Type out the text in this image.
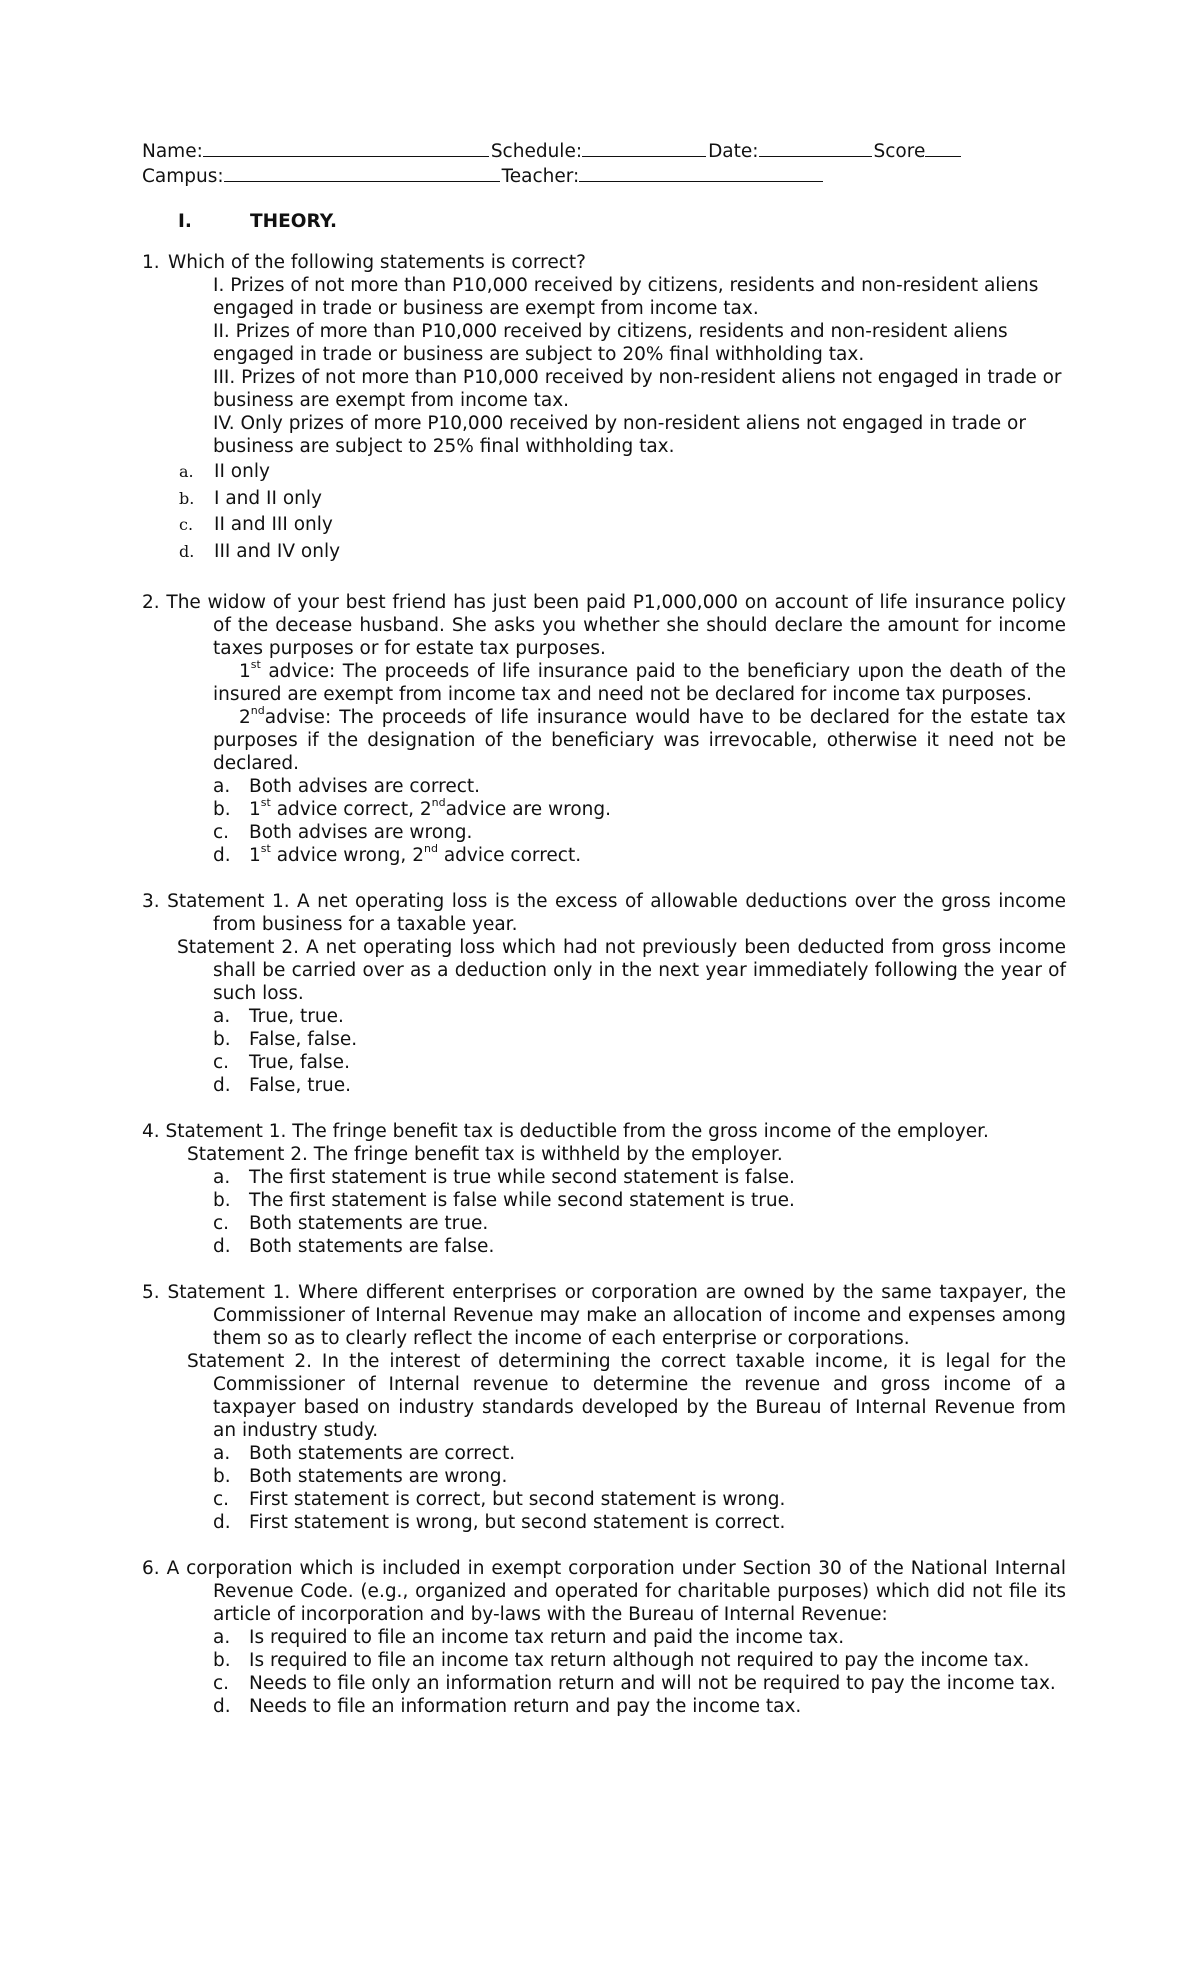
Name:	Schedule:	Date:	Score
Campus:	Teacher:
I.	THEORY.
1. Which of the following statements is correct?
I. Prizes of not more than P10,000 received by citizens, residents and non-resident aliens engaged in trade or business are exempt from income tax.
II. Prizes of more than P10,000 received by citizens, residents and non-resident aliens engaged in trade or business are subject to 20% final withholding tax.
III. Prizes of not more than P10,000 received by non-resident aliens not engaged in trade or business are exempt from income tax.
IV. Only prizes of more P10,000 received by non-resident aliens not engaged in trade or business are subject to 25% final withholding tax.
a.	II only
b.	I and II only
c.	II and III only
d.	III and IV only
2. The widow of your best friend has just been paid P1,000,000 on account of life insurance policy of the decease husband. She asks you whether she should declare the amount for income taxes purposes or for estate tax purposes.
1st advice: The proceeds of life insurance paid to the beneficiary upon the death of the insured are exempt from income tax and need not be declared for income tax purposes.
2ndadvise: The proceeds of life insurance would have to be declared for the estate tax purposes if the designation of the beneficiary was irrevocable, otherwise it need not be declared.
a.	Both advises are correct.
b. 1st advice correct, 2ndadvice are wrong.
c.	Both advises are wrong.
d. 1st advice wrong, 2nd advice correct.
3. Statement 1. A net operating loss is the excess of allowable deductions over the gross income from business for a taxable year.
Statement 2. A net operating loss which had not previously been deducted from gross income shall be carried over as a deduction only in the next year immediately following the year of such loss.
a.	True, true.
b. False, false.
c.	True, false.
d. False, true.
4. Statement 1. The fringe benefit tax is deductible from the gross income of the employer.
Statement 2. The fringe benefit tax is withheld by the employer.
a.	The first statement is true while second statement is false.
b. The first statement is false while second statement is true.
c.	Both statements are true.
d. Both statements are false.
5. Statement 1. Where different enterprises or corporation are owned by the same taxpayer, the Commissioner of Internal Revenue may make an allocation of income and expenses among them so as to clearly reflect the income of each enterprise or corporations.
Statement 2. In the interest of determining the correct taxable income, it is legal for the Commissioner of Internal revenue to determine the revenue and gross income of a taxpayer based on industry standards developed by the Bureau of Internal Revenue from an industry study.
a.	Both statements are correct.
b. Both statements are wrong.
c.	First statement is correct, but second statement is wrong.
d. First statement is wrong, but second statement is correct.
6. A corporation which is included in exempt corporation under Section 30 of the National Internal Revenue Code. (e.g., organized and operated for charitable purposes) which did not file its article of incorporation and by-laws with the Bureau of Internal Revenue:
a.	Is required to file an income tax return and paid the income tax.
b. Is required to file an income tax return although not required to pay the income tax.
c.	Needs to file only an information return and will not be required to pay the income tax.
d. Needs to file an information return and pay the income tax.
